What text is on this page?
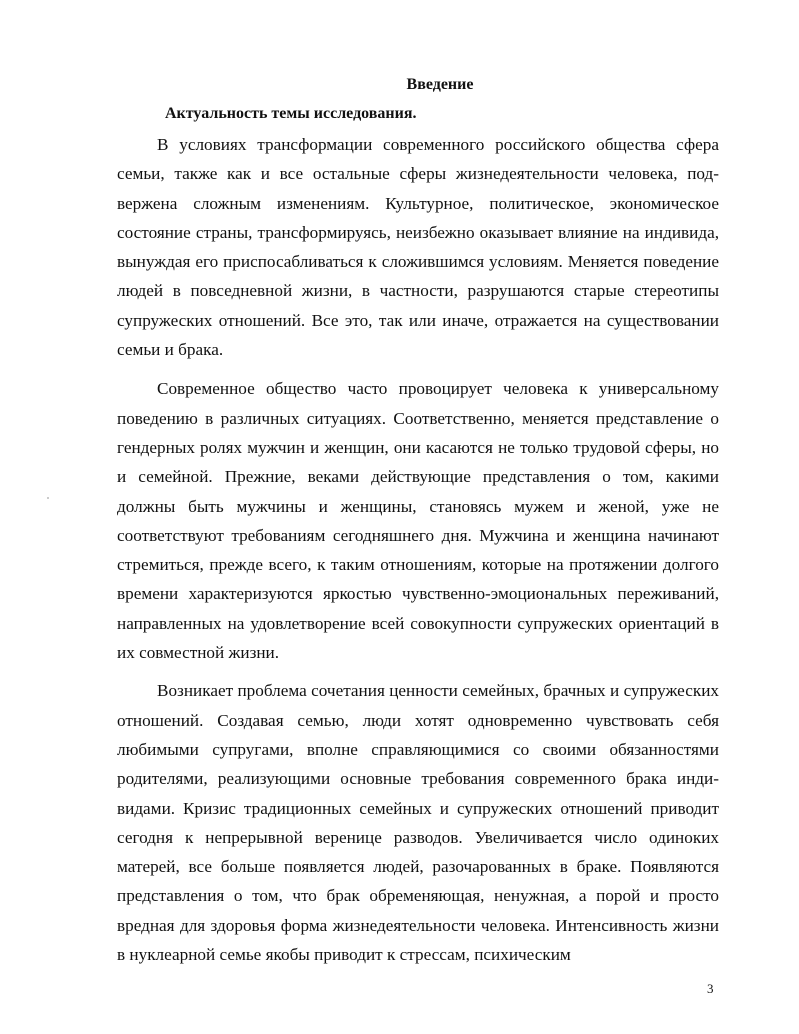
Введение
Актуальность темы исследования.

В условиях трансформации современного российского общества сфера семьи, также как и все остальные сферы жизнедеятельности человека, подвержена сложным изменениям. Культурное, политическое, экономическое состояние страны, трансформируясь, неизбежно оказывает влияние на индивида, вынуждая его приспосабливаться к сложившимся условиям. Меняется поведение людей в повседневной жизни, в частности, разрушаются старые стереотипы супружеских отношений. Все это, так или иначе, отражается на существовании семьи и брака.

Современное общество часто провоцирует человека к универсальному поведению в различных ситуациях. Соответственно, меняется представление о гендерных ролях мужчин и женщин, они касаются не только трудовой сферы, но и семейной. Прежние, веками действующие представления о том, какими должны быть мужчины и женщины, становясь мужем и женой, уже не соответствуют требованиям сегодняшнего дня. Мужчина и женщина начинают стремиться, прежде всего, к таким отношениям, которые на протяжении долгого времени характеризуются яркостью чувственно-эмоциональных переживаний, направленных на удовлетворение всей совокупности супружеских ориентаций в их совместной жизни.

Возникает проблема сочетания ценности семейных, брачных и супружеских отношений. Создавая семью, люди хотят одновременно чувствовать себя любимыми супругами, вполне справляющимися со своими обязанностями родителями, реализующими основные требования современного брака индивидами. Кризис традиционных семейных и супружеских отношений приводит сегодня к непрерывной веренице разводов. Увеличивается число одиноких матерей, все больше появляется людей, разочарованных в браке. Появляются представления о том, что брак обременяющая, ненужная, а порой и просто вредная для здоровья форма жизнедеятельности человека. Интенсивность жизни в нуклеарной семье якобы приводит к стрессам, психическим

3
